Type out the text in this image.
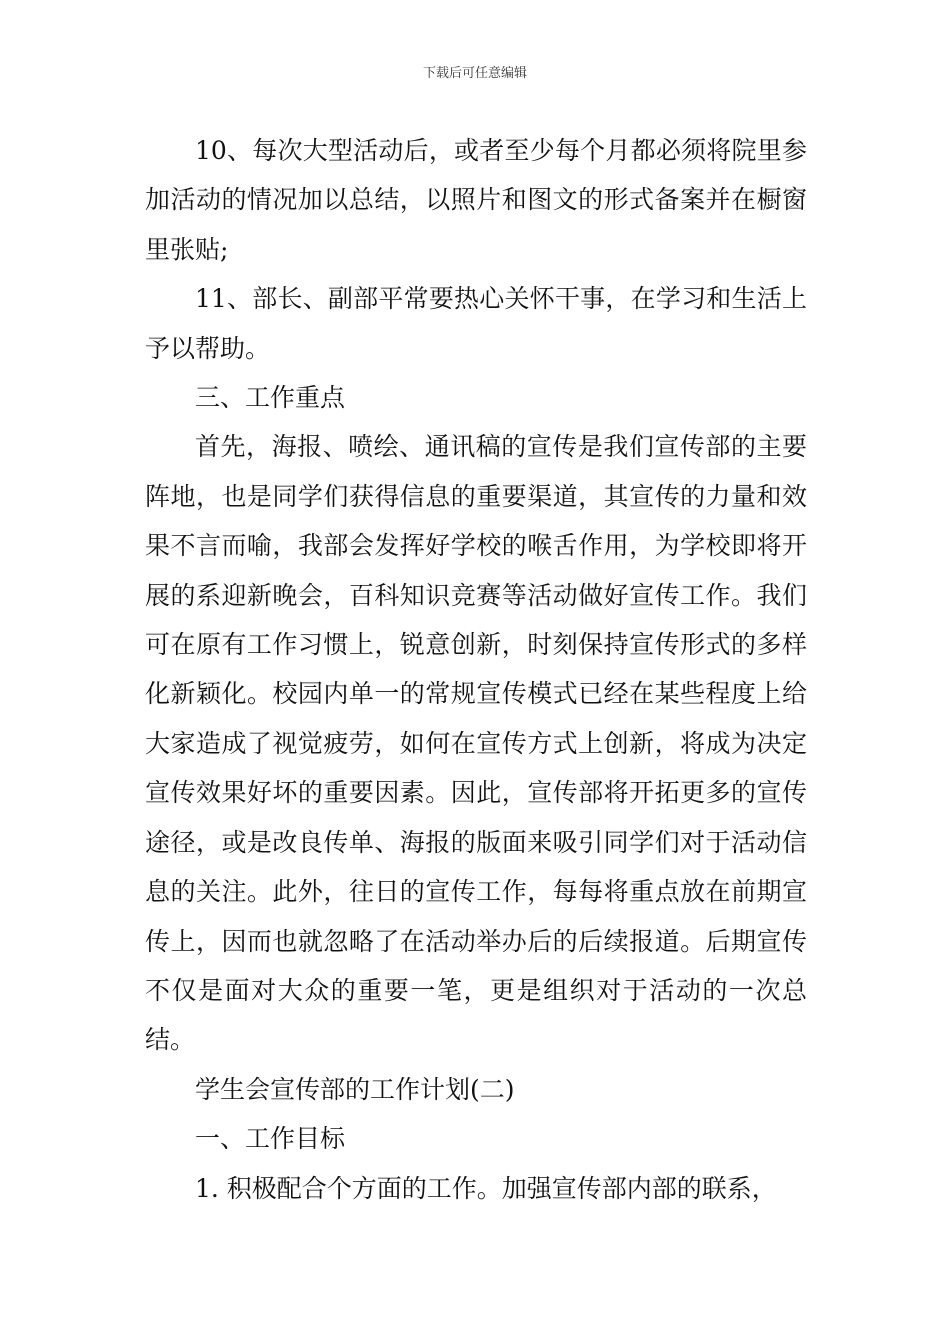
下载后可任意编辑

10、每次大型活动后，或者至少每个月都必须将院里参加活动的情况加以总结，以照片和图文的形式备案并在橱窗里张贴;

11、部长、副部平常要热心关怀干事，在学习和生活上予以帮助。

三、工作重点

首先，海报、喷绘、通讯稿的宣传是我们宣传部的主要阵地，也是同学们获得信息的重要渠道，其宣传的力量和效果不言而喻，我部会发挥好学校的喉舌作用，为学校即将开展的系迎新晚会，百科知识竞赛等活动做好宣传工作。我们可在原有工作习惯上，锐意创新，时刻保持宣传形式的多样化新颖化。校园内单一的常规宣传模式已经在某些程度上给大家造成了视觉疲劳，如何在宣传方式上创新，将成为决定宣传效果好坏的重要因素。因此，宣传部将开拓更多的宣传途径，或是改良传单、海报的版面来吸引同学们对于活动信息的关注。此外，往日的宣传工作，每每将重点放在前期宣传上，因而也就忽略了在活动举办后的后续报道。后期宣传不仅是面对大众的重要一笔，更是组织对于活动的一次总结。

学生会宣传部的工作计划(二)

一、工作目标

1. 积极配合个方面的工作。加强宣传部内部的联系，
